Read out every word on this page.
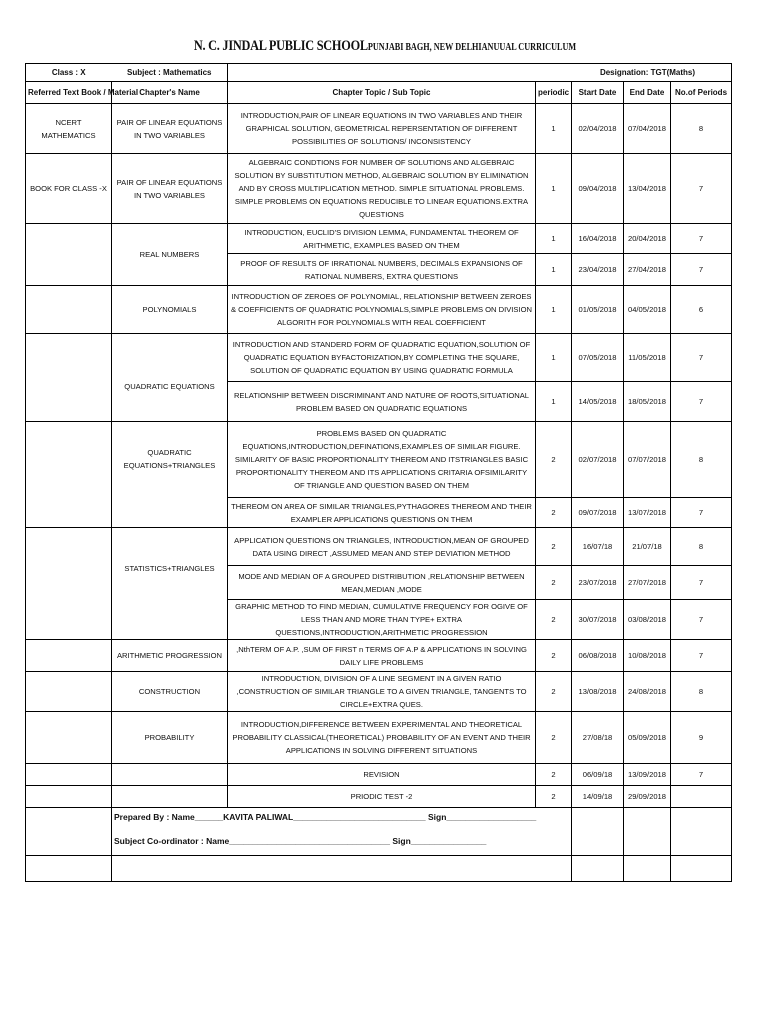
N. C. JINDAL PUBLIC SCHOOLPUNJABI BAGH, NEW DELHIANUUAL CURRICULUM
Class : X	Subject : Mathematics	Designation: TGT(Maths)				
Referred Text Book / Material	Chapter's Name	Chapter Topic / Sub Topic	periodic	Start Date	End Date	No.of Periods
NCERT MATHEMATICS	PAIR OF LINEAR EQUATIONS IN TWO VARIABLES	INTRODUCTION,PAIR OF LINEAR EQUATIONS IN TWO VARIABLES AND THEIR GRAPHICAL SOLUTION, GEOMETRICAL REPERSENTATION OF DIFFERENT POSSIBILITIES OF SOLUTIONS/ INCONSISTENCY	1	02/04/2018	07/04/2018	8
BOOK FOR CLASS -X	PAIR OF LINEAR EQUATIONS IN TWO VARIABLES	ALGEBRAIC CONDTIONS FOR NUMBER OF SOLUTIONS AND ALGEBRAIC SOLUTION BY SUBSTITUTION METHOD, ALGEBRAIC SOLUTION BY ELIMINATION AND BY CROSS MULTIPLICATION METHOD. SIMPLE SITUATIONAL PROBLEMS. SIMPLE PROBLEMS ON EQUATIONS REDUCIBLE TO LINEAR EQUATIONS.EXTRA QUESTIONS	1	09/04/2018	13/04/2018	7
	REAL NUMBERS	INTRODUCTION, EUCLID'S DIVISION LEMMA, FUNDAMENTAL THEOREM OF ARITHMETIC, EXAMPLES BASED ON THEM	1	16/04/2018	20/04/2018	7
		PROOF OF RESULTS OF IRRATIONAL NUMBERS, DECIMALS EXPANSIONS OF RATIONAL NUMBERS, EXTRA QUESTIONS	1	23/04/2018	27/04/2018	7
	POLYNOMIALS	INTRODUCTION OF ZEROES OF POLYNOMIAL, RELATIONSHIP BETWEEN ZEROES & COEFFICIENTS OF QUADRATIC POLYNOMIALS,SIMPLE PROBLEMS ON DIVISION ALGORITH FOR POLYNOMIALS WITH REAL COEFFICIENT	1	01/05/2018	04/05/2018	6
	QUADRATIC EQUATIONS	INTRODUCTION AND STANDERD FORM OF QUADRATIC EQUATION,SOLUTION OF QUADRATIC EQUATION BYFACTORIZATION,BY COMPLETING THE SQUARE, SOLUTION OF QUADRATIC EQUATION BY USING QUADRATIC FORMULA	1	07/05/2018	11/05/2018	7
		RELATIONSHIP BETWEEN DISCRIMINANT AND NATURE OF ROOTS,SITUATIONAL PROBLEM BASED ON QUADRATIC EQUATIONS	1	14/05/2018	18/05/2018	7
	QUADRATIC EQUATIONS+TRIANGLES	PROBLEMS BASED ON QUADRATIC EQUATIONS,INTRODUCTION,DEFINATIONS,EXAMPLES OF SIMILAR FIGURE. SIMILARITY OF BASIC PROPORTIONALITY THEREOM AND ITSTRIANGLES BASIC PROPORTIONALITY THEREOM AND ITS APPLICATIONS CRITARIA OFSIMILARITY OF TRIANGLE AND QUESTION BASED ON THEM	2	02/07/2018	07/07/2018	8
		THEREOM ON AREA OF SIMILAR TRIANGLES,PYTHAGORES THEREOM AND THEIR EXAMPLER APPLICATIONS QUESTIONS ON THEM	2	09/07/2018	13/07/2018	7
	STATISTICS+TRIANGLES	APPLICATION QUESTIONS ON TRIANGLES, INTRODUCTION,MEAN OF GROUPED DATA USING DIRECT ,ASSUMED MEAN AND STEP DEVIATION METHOD	2	16/07/18	21/07/18	8
		MODE AND MEDIAN OF A GROUPED DISTRIBUTION ,RELATIONSHIP BETWEEN MEAN,MEDIAN ,MODE	2	23/07/2018	27/07/2018	7
		GRAPHIC METHOD TO FIND MEDIAN, CUMULATIVE FREQUENCY FOR OGIVE OF LESS THAN AND MORE THAN TYPE+ EXTRA QUESTIONS,INTRODUCTION,ARITHMETIC PROGRESSION	2	30/07/2018	03/08/2018	7
	ARITHMETIC PROGRESSION	,NthTERM OF A.P. ,SUM OF FIRST n TERMS OF A.P & APPLICATIONS IN SOLVING DAILY LIFE PROBLEMS	2	06/08/2018	10/08/2018	7
	CONSTRUCTION	INTRODUCTION, DIVISION OF A LINE SEGMENT IN A GIVEN RATIO ,CONSTRUCTION OF SIMILAR TRIANGLE TO A GIVEN TRIANGLE, TANGENTS TO CIRCLE+EXTRA QUES.	2	13/08/2018	24/08/2018	8
	PROBABILITY	INTRODUCTION,DIFFERENCE BETWEEN EXPERIMENTAL AND THEORETICAL PROBABILITY CLASSICAL(THEORETICAL) PROBABILITY OF AN EVENT AND THEIR APPLICATIONS IN SOLVING DIFFERENT SITUATIONS	2	27/08/18	05/09/2018	9
		REVISION	2	06/09/18	13/09/2018	7
		PRIODIC TEST -2	2	14/09/18	29/09/2018	
	Prepared By : Name______KAVITA PALIWAL____________________________ Sign___________________					
	Subject Co-ordinator : Name__________________________________ Sign________________					
